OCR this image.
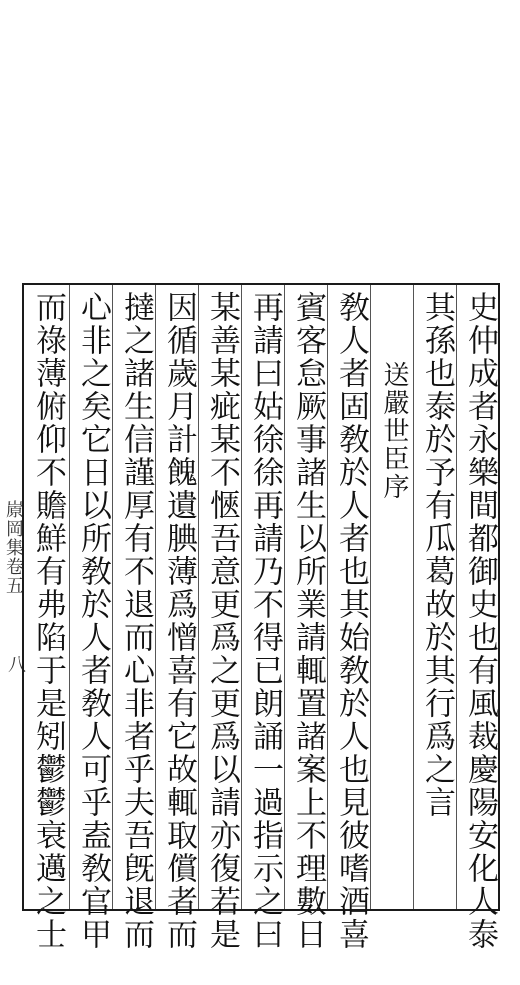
㟶岡集卷五
八	史仲成者永樂間都御史也有風裁慶陽安化人泰
其孫也泰於予有瓜葛故於其行爲之言
送嚴世臣序
敎人者固敎於人者也其始敎於人也見彼嗜酒喜
賓客怠厥事諸生以所業請輒置諸案上不理數日
再請曰姑徐徐再請乃不得已朗誦一過指示之曰
某善某疵某不愜吾意更爲之更爲以請亦復若是
因循歲月計餽遺腆薄爲憎喜有它故輒取償者而
撻之諸生信謹厚有不退而心非者乎夫吾旣退而
心非之矣它日以所敎於人者敎人可乎盍敎官甲
而祿薄俯仰不贍鮮有弗陷于是矧鬱鬱衰邁之士
